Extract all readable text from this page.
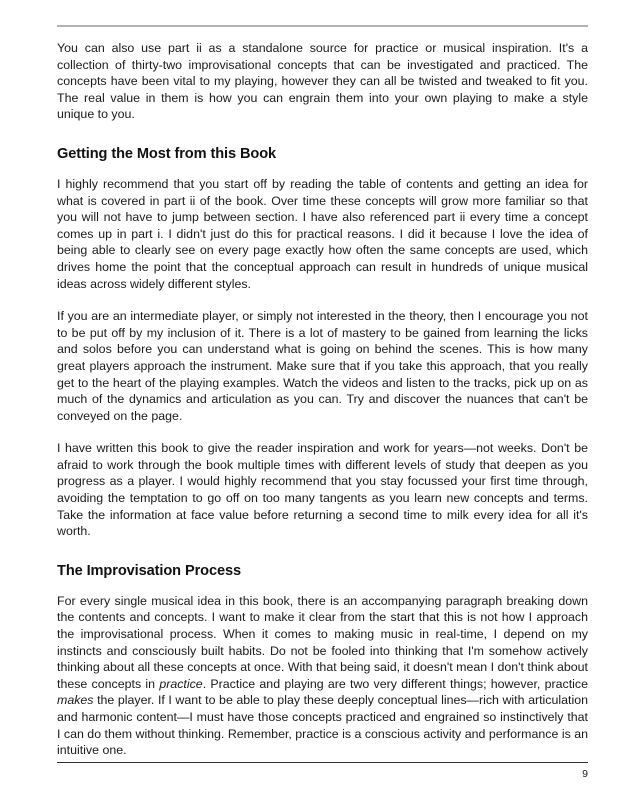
You can also use part ii as a standalone source for practice or musical inspiration. It's a collection of thirty-two improvisational concepts that can be investigated and practiced. The concepts have been vital to my playing, however they can all be twisted and tweaked to fit you. The real value in them is how you can engrain them into your own playing to make a style unique to you.

Getting the Most from this Book

I highly recommend that you start off by reading the table of contents and getting an idea for what is covered in part ii of the book. Over time these concepts will grow more familiar so that you will not have to jump between section. I have also referenced part ii every time a concept comes up in part i. I didn't just do this for practical reasons. I did it because I love the idea of being able to clearly see on every page exactly how often the same concepts are used, which drives home the point that the conceptual approach can result in hundreds of unique musical ideas across widely different styles.

If you are an intermediate player, or simply not interested in the theory, then I encourage you not to be put off by my inclusion of it. There is a lot of mastery to be gained from learning the licks and solos before you can understand what is going on behind the scenes. This is how many great players approach the instrument. Make sure that if you take this approach, that you really get to the heart of the playing examples. Watch the videos and listen to the tracks, pick up on as much of the dynamics and articulation as you can. Try and discover the nuances that can't be conveyed on the page.

I have written this book to give the reader inspiration and work for years—not weeks. Don't be afraid to work through the book multiple times with different levels of study that deepen as you progress as a player. I would highly recommend that you stay focussed your first time through, avoiding the temptation to go off on too many tangents as you learn new concepts and terms. Take the information at face value before returning a second time to milk every idea for all it's worth.

The Improvisation Process

For every single musical idea in this book, there is an accompanying paragraph breaking down the contents and concepts. I want to make it clear from the start that this is not how I approach the improvisational process. When it comes to making music in real-time, I depend on my instincts and consciously built habits. Do not be fooled into thinking that I'm somehow actively thinking about all these concepts at once. With that being said, it doesn't mean I don't think about these concepts in practice. Practice and playing are two very different things; however, practice makes the player. If I want to be able to play these deeply conceptual lines—rich with articulation and harmonic content—I must have those concepts practiced and engrained so instinctively that I can do them without thinking. Remember, practice is a conscious activity and performance is an intuitive one.

9
